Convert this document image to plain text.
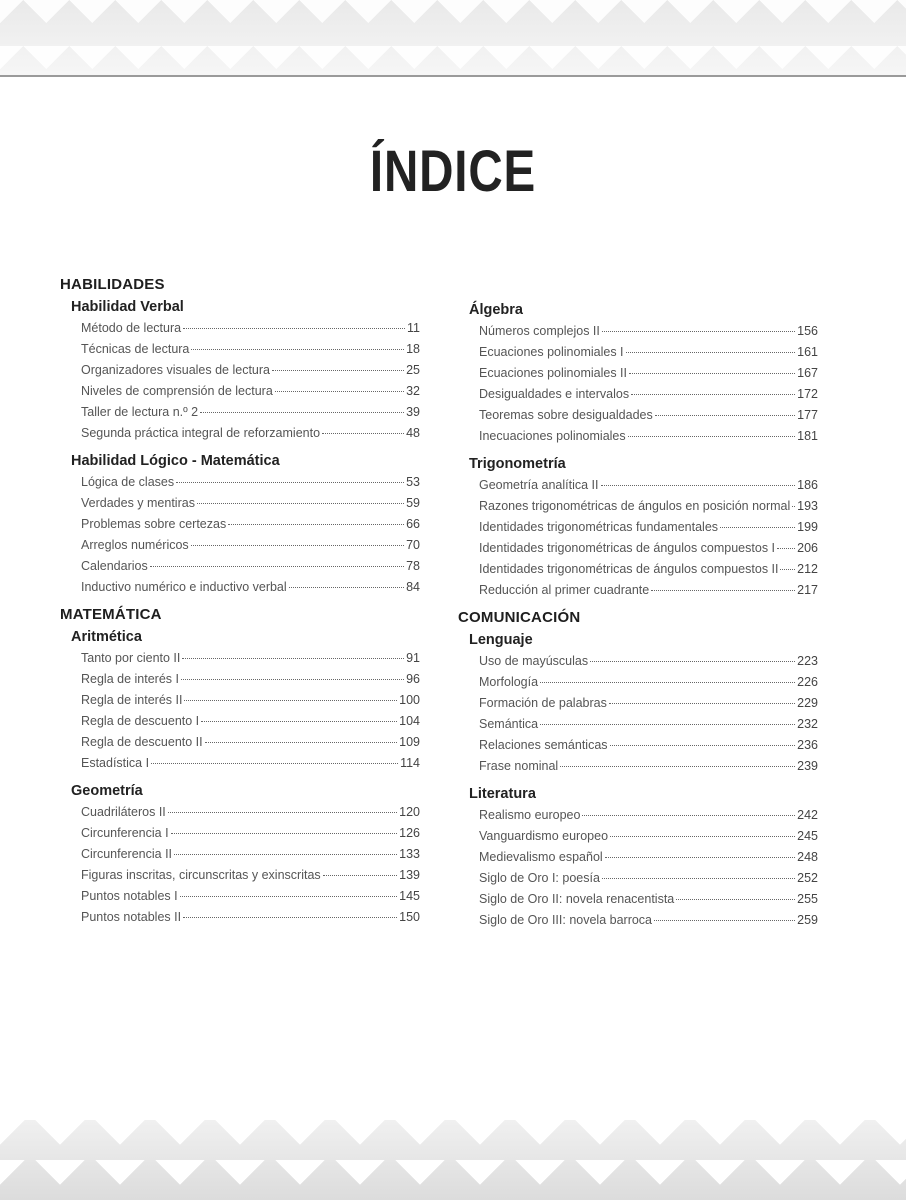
ÍNDICE
HABILIDADES
Habilidad Verbal
Método de lectura	11
Técnicas de lectura	18
Organizadores visuales de lectura	25
Niveles de comprensión de lectura	32
Taller de lectura n.º 2	39
Segunda práctica integral de reforzamiento	48
Habilidad Lógico - Matemática
Lógica de clases	53
Verdades y mentiras	59
Problemas sobre certezas	66
Arreglos numéricos	70
Calendarios	78
Inductivo numérico e inductivo verbal	84
MATEMÁTICA
Aritmética
Tanto por ciento II	91
Regla de interés I	96
Regla de interés II	100
Regla de descuento I	104
Regla de descuento II	109
Estadística I	114
Geometría
Cuadriláteros II	120
Circunferencia I	126
Circunferencia II	133
Figuras inscritas, circunscritas y exinscritas	139
Puntos notables I	145
Puntos notables II	150
Álgebra
Números complejos II	156
Ecuaciones polinomiales I	161
Ecuaciones polinomiales II	167
Desigualdades e intervalos	172
Teoremas sobre desigualdades	177
Inecuaciones polinomiales	181
Trigonometría
Geometría analítica II	186
Razones trigonométricas de ángulos en posición normal 193
Identidades trigonométricas fundamentales	199
Identidades trigonométricas de ángulos compuestos I 206
Identidades trigonométricas de ángulos compuestos II 212
Reducción al primer cuadrante	217
COMUNICACIÓN
Lenguaje
Uso de mayúsculas	223
Morfología	226
Formación de palabras	229
Semántica	232
Relaciones semánticas	236
Frase nominal	239
Literatura
Realismo europeo	242
Vanguardismo europeo	245
Medievalismo español	248
Siglo de Oro I: poesía	252
Siglo de Oro II: novela renacentista	255
Siglo de Oro III: novela barroca	259
